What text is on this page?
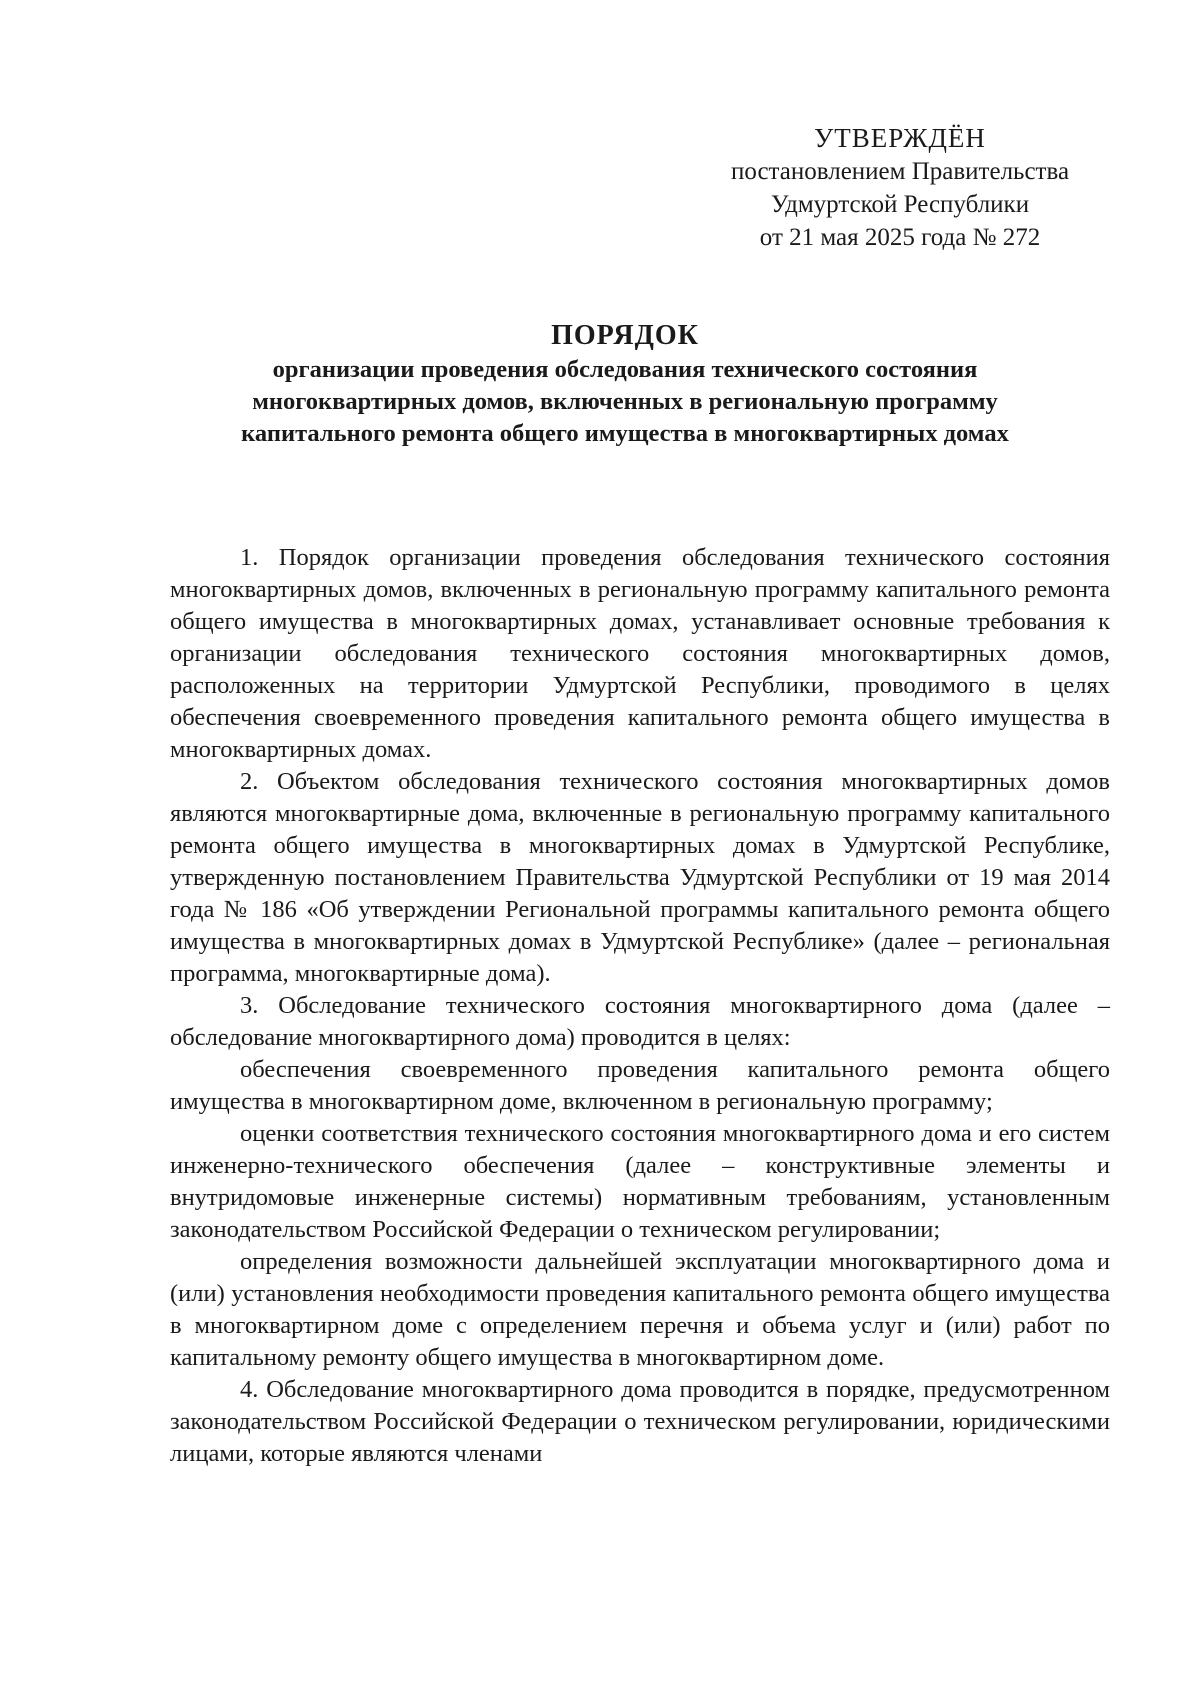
УТВЕРЖДЁН
постановлением Правительства
Удмуртской Республики
от 21 мая 2025 года № 272
ПОРЯДОК
организации проведения обследования технического состояния многоквартирных домов, включенных в региональную программу капитального ремонта общего имущества в многоквартирных домах

1. Порядок организации проведения обследования технического состояния многоквартирных домов, включенных в региональную программу капитального ремонта общего имущества в многоквартирных домах, устанавливает основные требования к организации обследования технического состояния многоквартирных домов, расположенных на территории Удмуртской Республики, проводимого в целях обеспечения своевременного проведения капитального ремонта общего имущества в многоквартирных домах.

2. Объектом обследования технического состояния многоквартирных домов являются многоквартирные дома, включенные в региональную программу капитального ремонта общего имущества в многоквартирных домах в Удмуртской Республике, утвержденную постановлением Правительства Удмуртской Республики от 19 мая 2014 года № 186 «Об утверждении Региональной программы капитального ремонта общего имущества в многоквартирных домах в Удмуртской Республике» (далее – региональная программа, многоквартирные дома).

3. Обследование технического состояния многоквартирного дома (далее – обследование многоквартирного дома) проводится в целях:

обеспечения своевременного проведения капитального ремонта общего имущества в многоквартирном доме, включенном в региональную программу;

оценки соответствия технического состояния многоквартирного дома и его систем инженерно-технического обеспечения (далее – конструктивные элементы и внутридомовые инженерные системы) нормативным требованиям, установленным законодательством Российской Федерации о техническом регулировании;

определения возможности дальнейшей эксплуатации многоквартирного дома и (или) установления необходимости проведения капитального ремонта общего имущества в многоквартирном доме с определением перечня и объема услуг и (или) работ по капитальному ремонту общего имущества в многоквартирном доме.

4. Обследование многоквартирного дома проводится в порядке, предусмотренном законодательством Российской Федерации о техническом регулировании, юридическими лицами, которые являются членами
